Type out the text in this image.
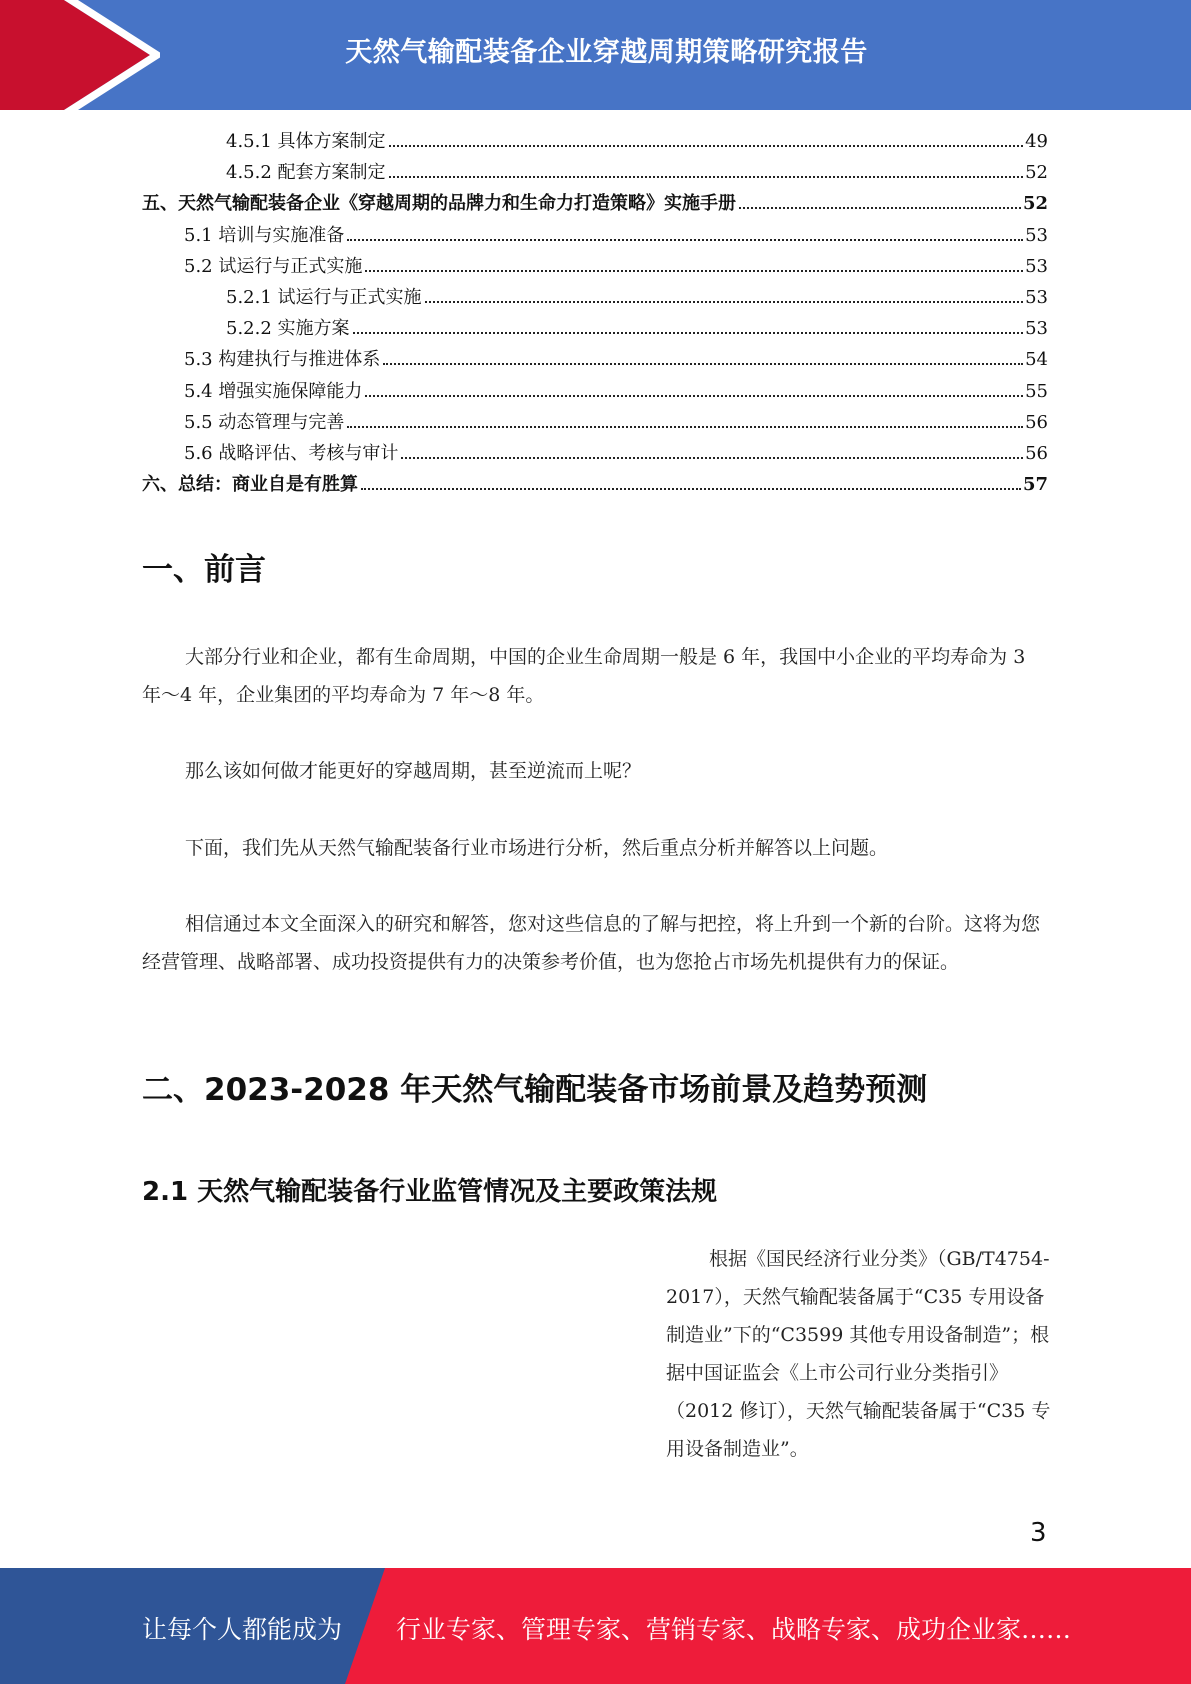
天然气输配装备企业穿越周期策略研究报告
4.5.1 具体方案制定	49
4.5.2 配套方案制定	52
五、天然气输配装备企业《穿越周期的品牌力和生命力打造策略》实施手册	52
5.1 培训与实施准备	53
5.2 试运行与正式实施	53
5.2.1 试运行与正式实施	53
5.2.2 实施方案	53
5.3 构建执行与推进体系	54
5.4 增强实施保障能力	55
5.5 动态管理与完善	56
5.6 战略评估、考核与审计	56
六、总结：商业自是有胜算	57
一、前言

大部分行业和企业，都有生命周期，中国的企业生命周期一般是 6 年，我国中小企业的平均寿命为 3 年～4 年，企业集团的平均寿命为 7 年～8 年。

那么该如何做才能更好的穿越周期，甚至逆流而上呢？

下面，我们先从天然气输配装备行业市场进行分析，然后重点分析并解答以上问题。

相信通过本文全面深入的研究和解答，您对这些信息的了解与把控，将上升到一个新的台阶。这将为您经营管理、战略部署、成功投资提供有力的决策参考价值，也为您抢占市场先机提供有力的保证。

二、2023-2028 年天然气输配装备市场前景及趋势预测
2.1 天然气输配装备行业监管情况及主要政策法规

根据《国民经济行业分类》（GB/T4754-2017），天然气输配装备属于“C35 专用设备制造业”下的“C3599 其他专用设备制造”；根据中国证监会《上市公司行业分类指引》（2012 修订），天然气输配装备属于“C35 专用设备制造业”。

3
让每个人都能成为 行业专家、管理专家、营销专家、战略专家、成功企业家……
